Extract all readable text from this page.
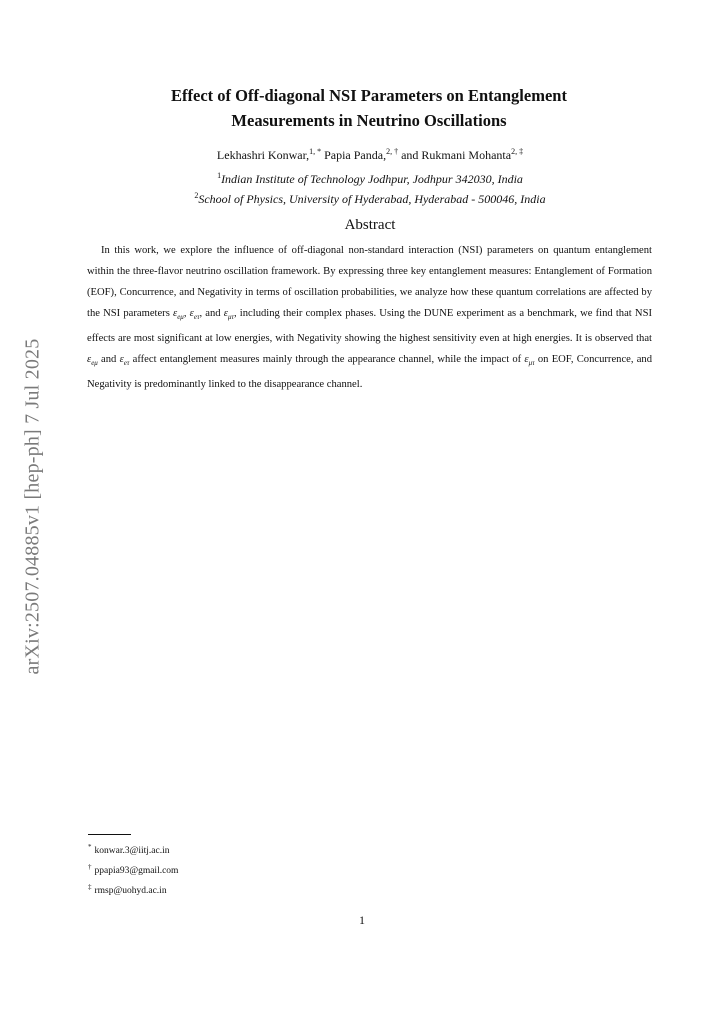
arXiv:2507.04885v1 [hep-ph] 7 Jul 2025
Effect of Off-diagonal NSI Parameters on Entanglement
Measurements in Neutrino Oscillations
Lekhashri Konwar,$^{1, *}$ Papia Panda,$^{2, \dagger}$ and Rukmani Mohanta$^{2, \ddagger}$
$^1$Indian Institute of Technology Jodhpur, Jodhpur 342030, India
$^2$School of Physics, University of Hyderabad, Hyderabad - 500046, India
Abstract

In this work, we explore the influence of off-diagonal non-standard interaction (NSI) parameters on quantum entanglement within the three-flavor neutrino oscillation framework. By expressing three key entanglement measures: Entanglement of Formation (EOF), Concurrence, and Negativity in terms of oscillation probabilities, we analyze how these quantum correlations are affected by the NSI parameters $\varepsilon_{e\mu}$, $\varepsilon_{e\tau}$, and $\varepsilon_{\mu\tau}$, including their complex phases. Using the DUNE experiment as a benchmark, we find that NSI effects are most significant at low energies, with Negativity showing the highest sensitivity even at high energies. It is observed that $\varepsilon_{e\mu}$ and $\varepsilon_{e\tau}$ affect entanglement measures mainly through the appearance channel, while the impact of $\varepsilon_{\mu\tau}$ on EOF, Concurrence, and Negativity is predominantly linked to the disappearance channel.

* konwar.3@iitj.ac.in
† ppapia93@gmail.com
‡ rmsp@uohyd.ac.in
1
